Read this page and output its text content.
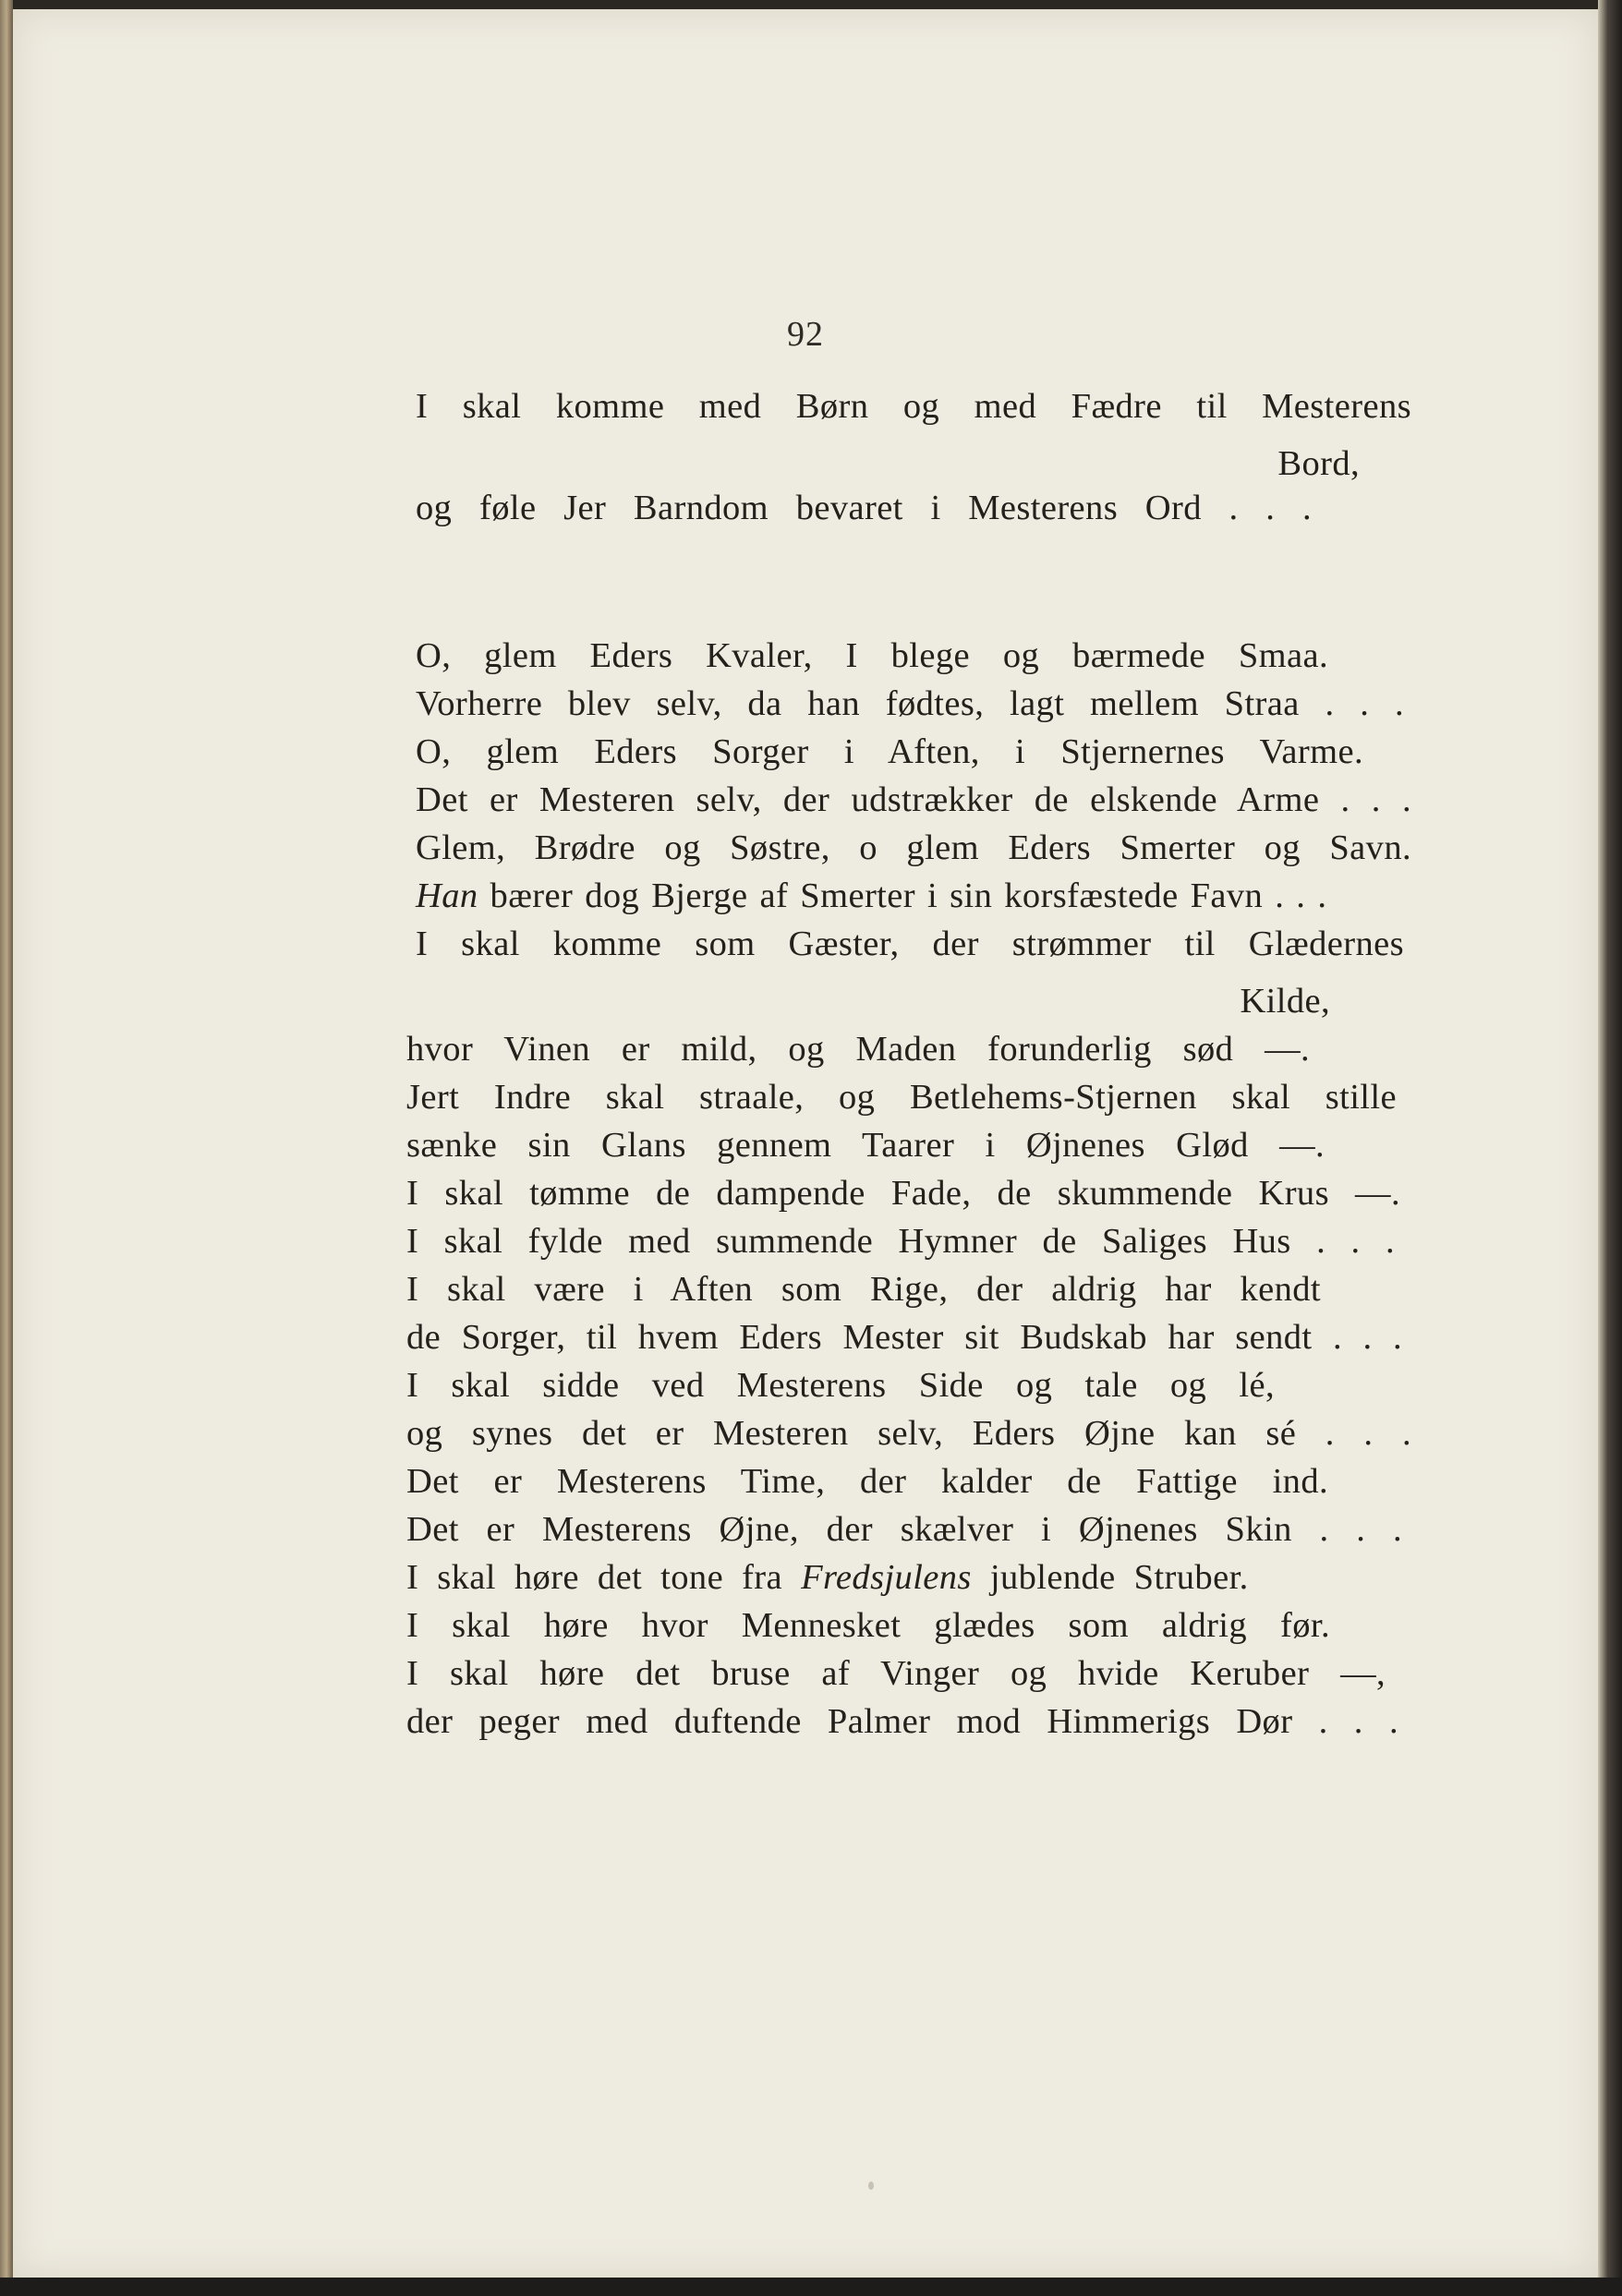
92
I skal komme med Børn og med Fædre til Mesterens
Bord,
og føle Jer Barndom bevaret i Mesterens Ord . . .
O, glem Eders Kvaler, I blege og bærmede Smaa.
Vorherre blev selv, da han fødtes, lagt mellem Straa . . .
O, glem Eders Sorger i Aften, i Stjernernes Varme.
Det er Mesteren selv, der udstrækker de elskende Arme . . .
Glem, Brødre og Søstre, o glem Eders Smerter og Savn.
Han bærer dog Bjerge af Smerter i sin korsfæstede Favn . . .
I skal komme som Gæster, der strømmer til Glædernes
Kilde,
hvor Vinen er mild, og Maden forunderlig sød —.
Jert Indre skal straale, og Betlehems-Stjernen skal stille
sænke sin Glans gennem Taarer i Øjnenes Glød —.
I skal tømme de dampende Fade, de skummende Krus —.
I skal fylde med summende Hymner de Saliges Hus . . .
I skal være i Aften som Rige, der aldrig har kendt
de Sorger, til hvem Eders Mester sit Budskab har sendt . . .
I skal sidde ved Mesterens Side og tale og lé,
og synes det er Mesteren selv, Eders Øjne kan sé . . .
Det er Mesterens Time, der kalder de Fattige ind.
Det er Mesterens Øjne, der skælver i Øjnenes Skin . . .
I skal høre det tone fra Fredsjulens jublende Struber.
I skal høre hvor Mennesket glædes som aldrig før.
I skal høre det bruse af Vinger og hvide Keruber —,
der peger med duftende Palmer mod Himmerigs Dør . . .
